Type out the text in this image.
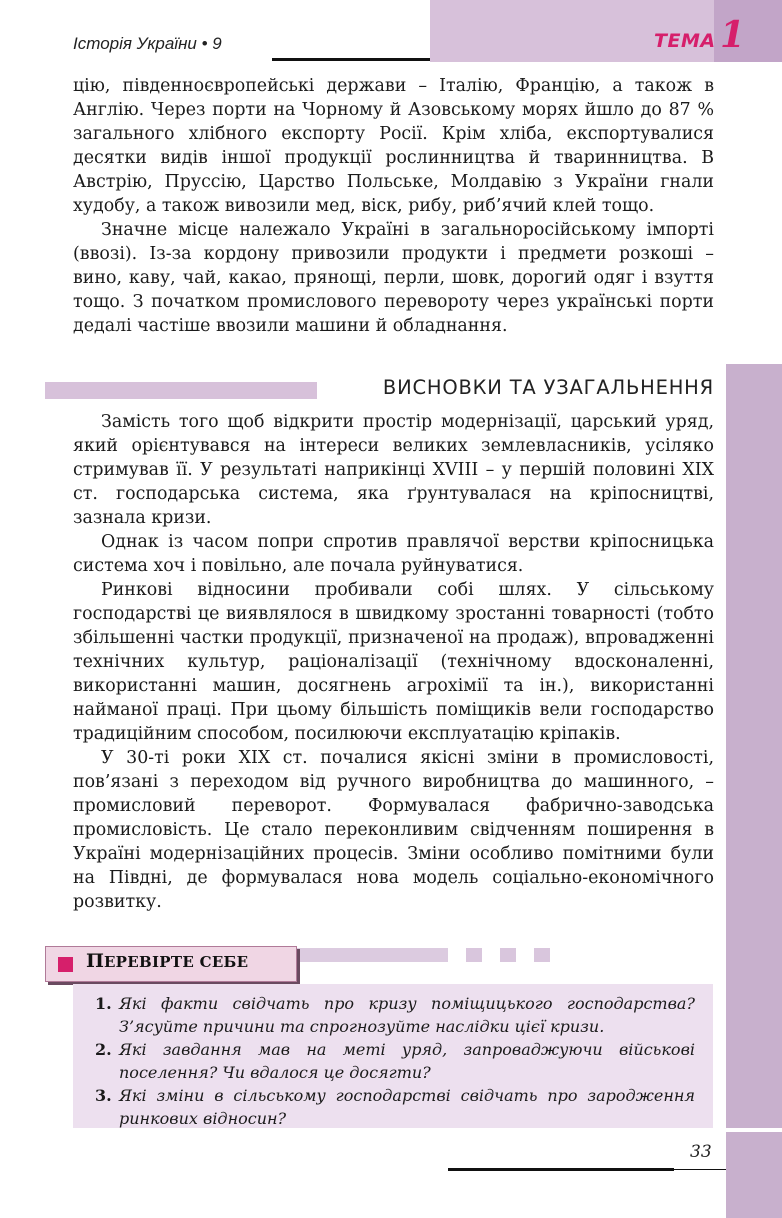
Історія України • 9	ТЕМА 1

цію, південноєвропейські держави – Італію, Францію, а також в Англію. Через порти на Чорному й Азовському морях йшло до 87 % загального хлібного експорту Росії. Крім хліба, експортувалися десятки видів іншої продукції рослинництва й тваринництва. В Австрію, Пруссію, Царство Польське, Молдавію з України гнали худобу, а також вивозили мед, віск, рибу, риб’ячий клей тощо.

Значне місце належало Україні в загальноросійському імпорті (ввозі). Із-за кордону привозили продукти і предмети розкоші – вино, каву, чай, какао, прянощі, перли, шовк, дорогий одяг і взуття тощо. З початком промислового перевороту через українські порти дедалі частіше ввозили машини й обладнання.

ВИСНОВКИ ТА УЗАГАЛЬНЕННЯ

Замість того щоб відкрити простір модернізації, царський уряд, який орієнтувався на інтереси великих землевласників, усіляко стримував її. У результаті наприкінці XVIII – у першій половині XIX ст. господарська система, яка ґрунтувалася на кріпосництві, зазнала кризи.

Однак із часом попри спротив правлячої верстви кріпосницька система хоч і повільно, але почала руйнуватися.

Ринкові відносини пробивали собі шлях. У сільському господарстві це виявлялося в швидкому зростанні товарності (тобто збільшенні частки продукції, призначеної на продаж), впровадженні технічних культур, раціоналізації (технічному вдосконаленні, використанні машин, досягнень агрохімії та ін.), використанні найманої праці. При цьому більшість поміщиків вели господарство традиційним способом, посилюючи експлуатацію кріпаків.

У 30-ті роки XIX ст. почалися якісні зміни в промисловості, пов’язані з переходом від ручного виробництва до машинного, – промисловий переворот. Формувалася фабрично-заводська промисловість. Це стало переконливим свідченням поширення в Україні модернізаційних процесів. Зміни особливо помітними були на Півдні, де формувалася нова модель соціально-економічного розвитку.

ПЕРЕВІРТЕ СЕБЕ
1. Які факти свідчать про кризу поміщицького господарства? З’ясуйте причини та спрогнозуйте наслідки цієї кризи.
2. Які завдання мав на меті уряд, запроваджуючи військові поселення? Чи вдалося це досягти?
3. Які зміни в сільському господарстві свідчать про зародження ринкових відносин?
33
